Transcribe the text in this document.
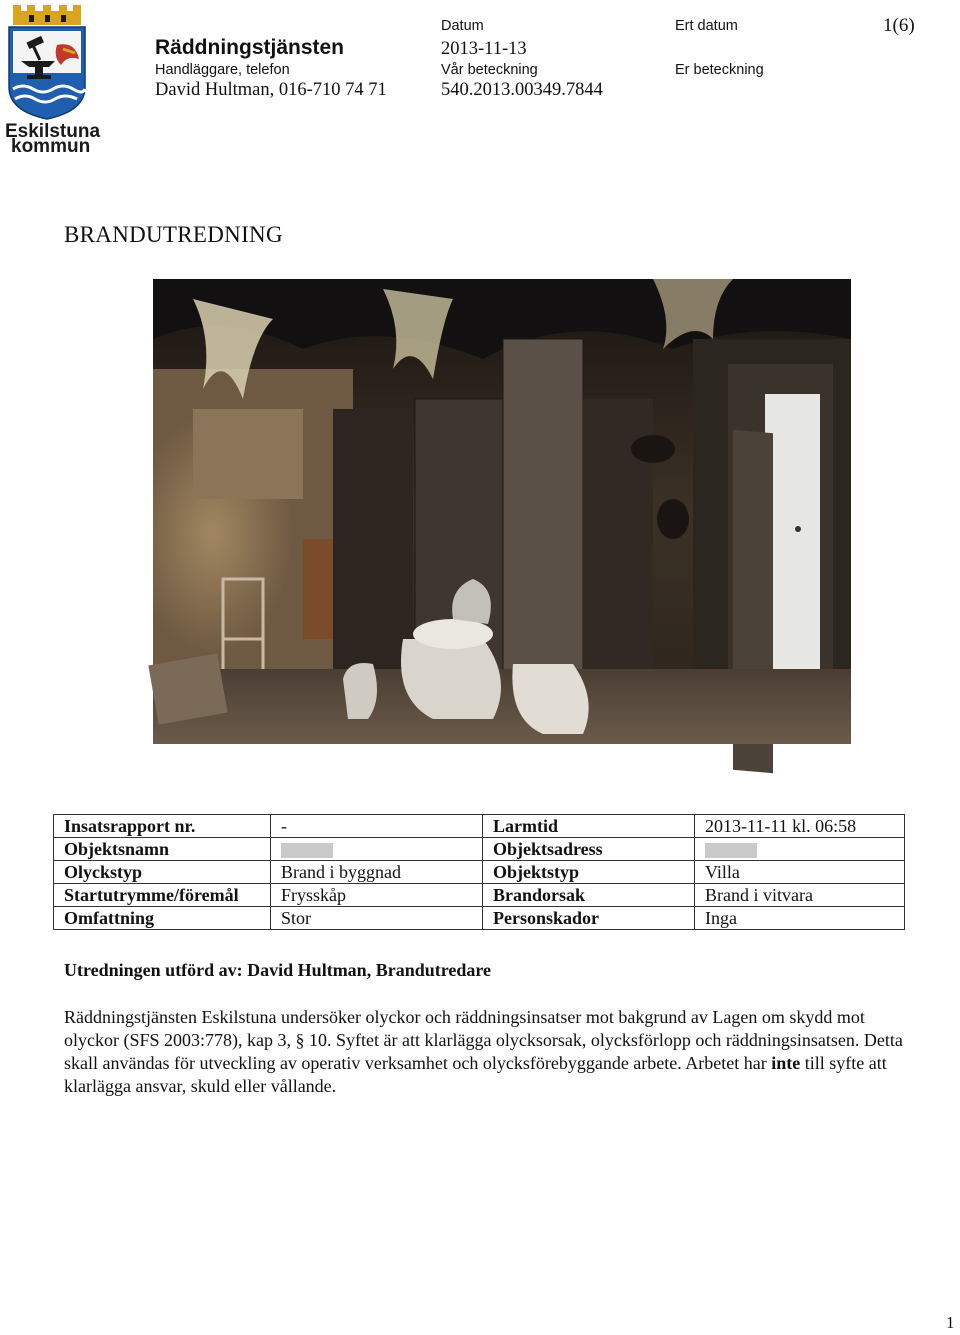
Eskilstuna
kommun
Räddningstjänsten
Handläggare, telefon
David Hultman, 016-710 74 71
Datum
2013-11-13
Vår beteckning
540.2013.00349.7844
Ert datum
Er beteckning
1(6)
BRANDUTREDNING
Insatsrapport nr.	-	Larmtid	2013-11-11 kl. 06:58
Objektsnamn		Objektsadress	
Olyckstyp	Brand i byggnad	Objektstyp	Villa
Startutrymme/föremål	Frysskåp	Brandorsak	Brand i vitvara
Omfattning	Stor	Personskador	Inga
Utredningen utförd av: David Hultman, Brandutredare
Räddningstjänsten Eskilstuna undersöker olyckor och räddningsinsatser mot bakgrund av Lagen om skydd mot olyckor (SFS 2003:778), kap 3, § 10. Syftet är att klarlägga olycksorsak, olycksförlopp och räddningsinsatsen. Detta skall användas för utveckling av operativ verksamhet och olycksförebyggande arbete. Arbetet har inte till syfte att klarlägga ansvar, skuld eller vållande.
1
